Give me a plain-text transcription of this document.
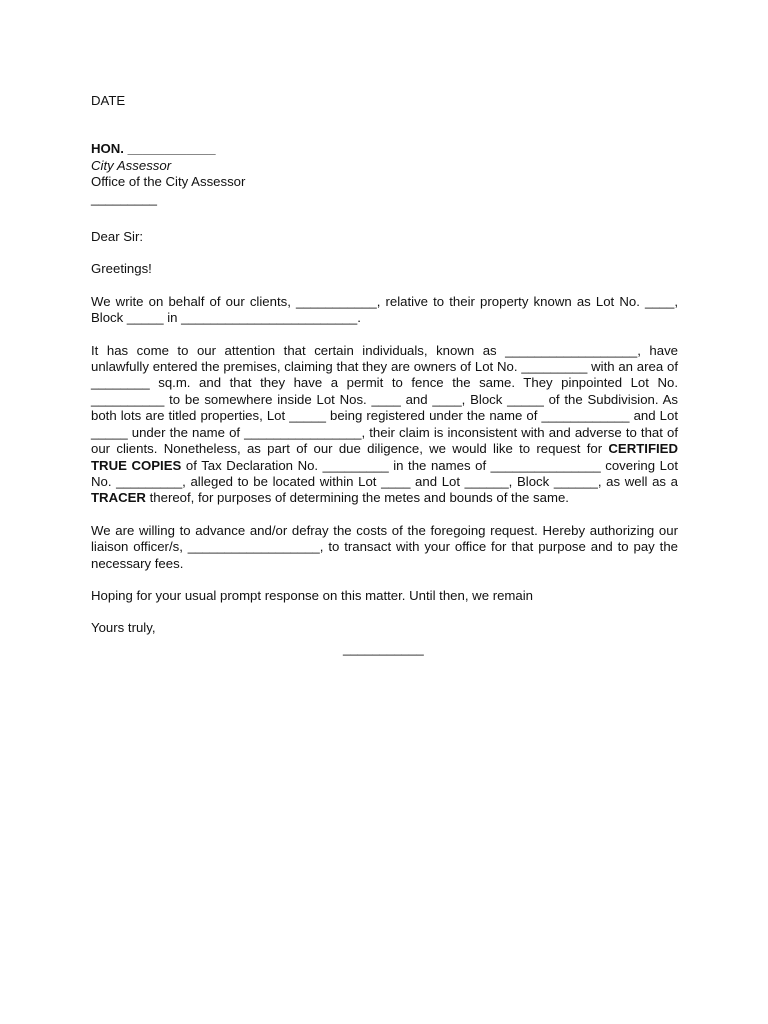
DATE

HON. ____________

City Assessor

Office of the City Assessor

_________

Dear Sir:

Greetings!

We write on behalf of our clients, ___________, relative to their property known as Lot No. ____, Block _____ in ________________________.

It has come to our attention that certain individuals, known as __________________, have unlawfully entered the premises, claiming that they are owners of Lot No. _________ with an area of ________ sq.m. and that they have a permit to fence the same. They pinpointed Lot No. __________ to be somewhere inside Lot Nos. ____ and ____, Block _____ of the Subdivision. As both lots are titled properties, Lot _____ being registered under the name of ____________ and Lot _____ under the name of ________________, their claim is inconsistent with and adverse to that of our clients. Nonetheless, as part of our due diligence, we would like to request for CERTIFIED TRUE COPIES of Tax Declaration No. _________ in the names of _______________ covering Lot No. _________, alleged to be located within Lot ____ and Lot ______, Block ______, as well as a TRACER thereof, for purposes of determining the metes and bounds of the same.

We are willing to advance and/or defray the costs of the foregoing request. Hereby authorizing our liaison officer/s, __________________, to transact with your office for that purpose and to pay the necessary fees.

Hoping for your usual prompt response on this matter. Until then, we remain

Yours truly,

___________
